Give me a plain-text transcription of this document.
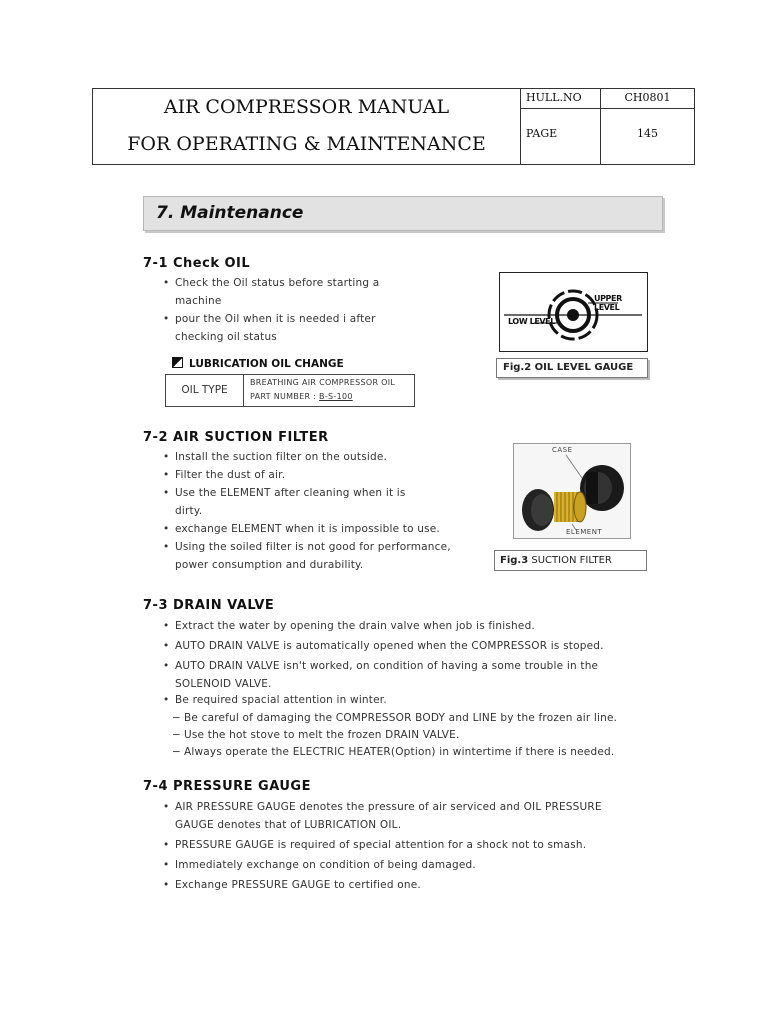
AIR COMPRESSOR MANUAL
FOR OPERATING & MAINTENANCE
HULL.NO	CH0801
PAGE	145
7. Maintenance
7-1 Check OIL
• Check the Oil status before starting a
machine
• pour the Oil when it is needed i after
checking oil status
LUBRICATION OIL CHANGE
OIL TYPE
BREATHING AIR COMPRESSOR OIL
PART NUMBER : B-S-100
UPPER LEVEL
LOW LEVEL
Fig.2 OIL LEVEL GAUGE
7-2 AIR SUCTION FILTER
• Install the suction filter on the outside.
• Filter the dust of air.
• Use the ELEMENT after cleaning when it is
dirty.
• exchange ELEMENT when it is impossible to use.
• Using the soiled filter is not good for performance,
power consumption and durability.
CASE
ELEMENT
Fig.3 SUCTION FILTER
7-3 DRAIN VALVE
• Extract the water by opening the drain valve when job is finished.
• AUTO DRAIN VALVE is automatically opened when the COMPRESSOR is stoped.
• AUTO DRAIN VALVE isn't worked, on condition of having a some trouble in the
SOLENOID VALVE.
• Be required spacial attention in winter.
− Be careful of damaging the COMPRESSOR BODY and LINE by the frozen air line.
− Use the hot stove to melt the frozen DRAIN VALVE.
− Always operate the ELECTRIC HEATER(Option) in wintertime if there is needed.
7-4 PRESSURE GAUGE
• AIR PRESSURE GAUGE denotes the pressure of air serviced and OIL PRESSURE
GAUGE denotes that of LUBRICATION OIL.
• PRESSURE GAUGE is required of special attention for a shock not to smash.
• Immediately exchange on condition of being damaged.
• Exchange PRESSURE GAUGE to certified one.
